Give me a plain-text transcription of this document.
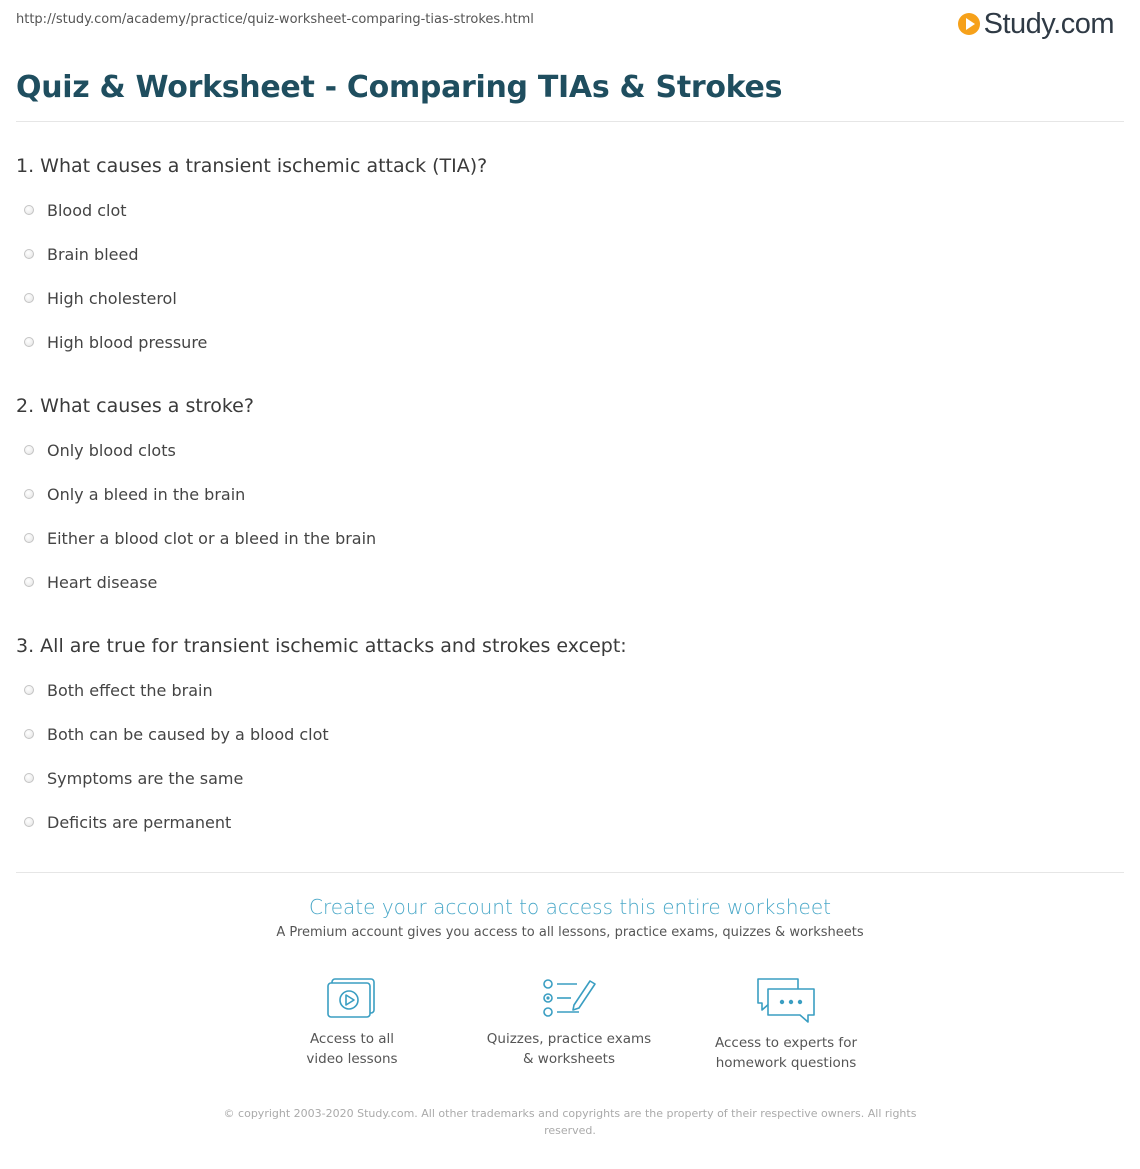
http://study.com/academy/practice/quiz-worksheet-comparing-tias-strokes.html	Study.com
Quiz & Worksheet - Comparing TIAs & Strokes
1. What causes a transient ischemic attack (TIA)?
Blood clot
Brain bleed
High cholesterol
High blood pressure
2. What causes a stroke?
Only blood clots
Only a bleed in the brain
Either a blood clot or a bleed in the brain
Heart disease
3. All are true for transient ischemic attacks and strokes except:
Both effect the brain
Both can be caused by a blood clot
Symptoms are the same
Deficits are permanent
Create your account to access this entire worksheet
A Premium account gives you access to all lessons, practice exams, quizzes & worksheets
Access to all
video lessons
Quizzes, practice exams
& worksheets
Access to experts for
homework questions
© copyright 2003-2020 Study.com. All other trademarks and copyrights are the property of their respective owners. All rights reserved.
